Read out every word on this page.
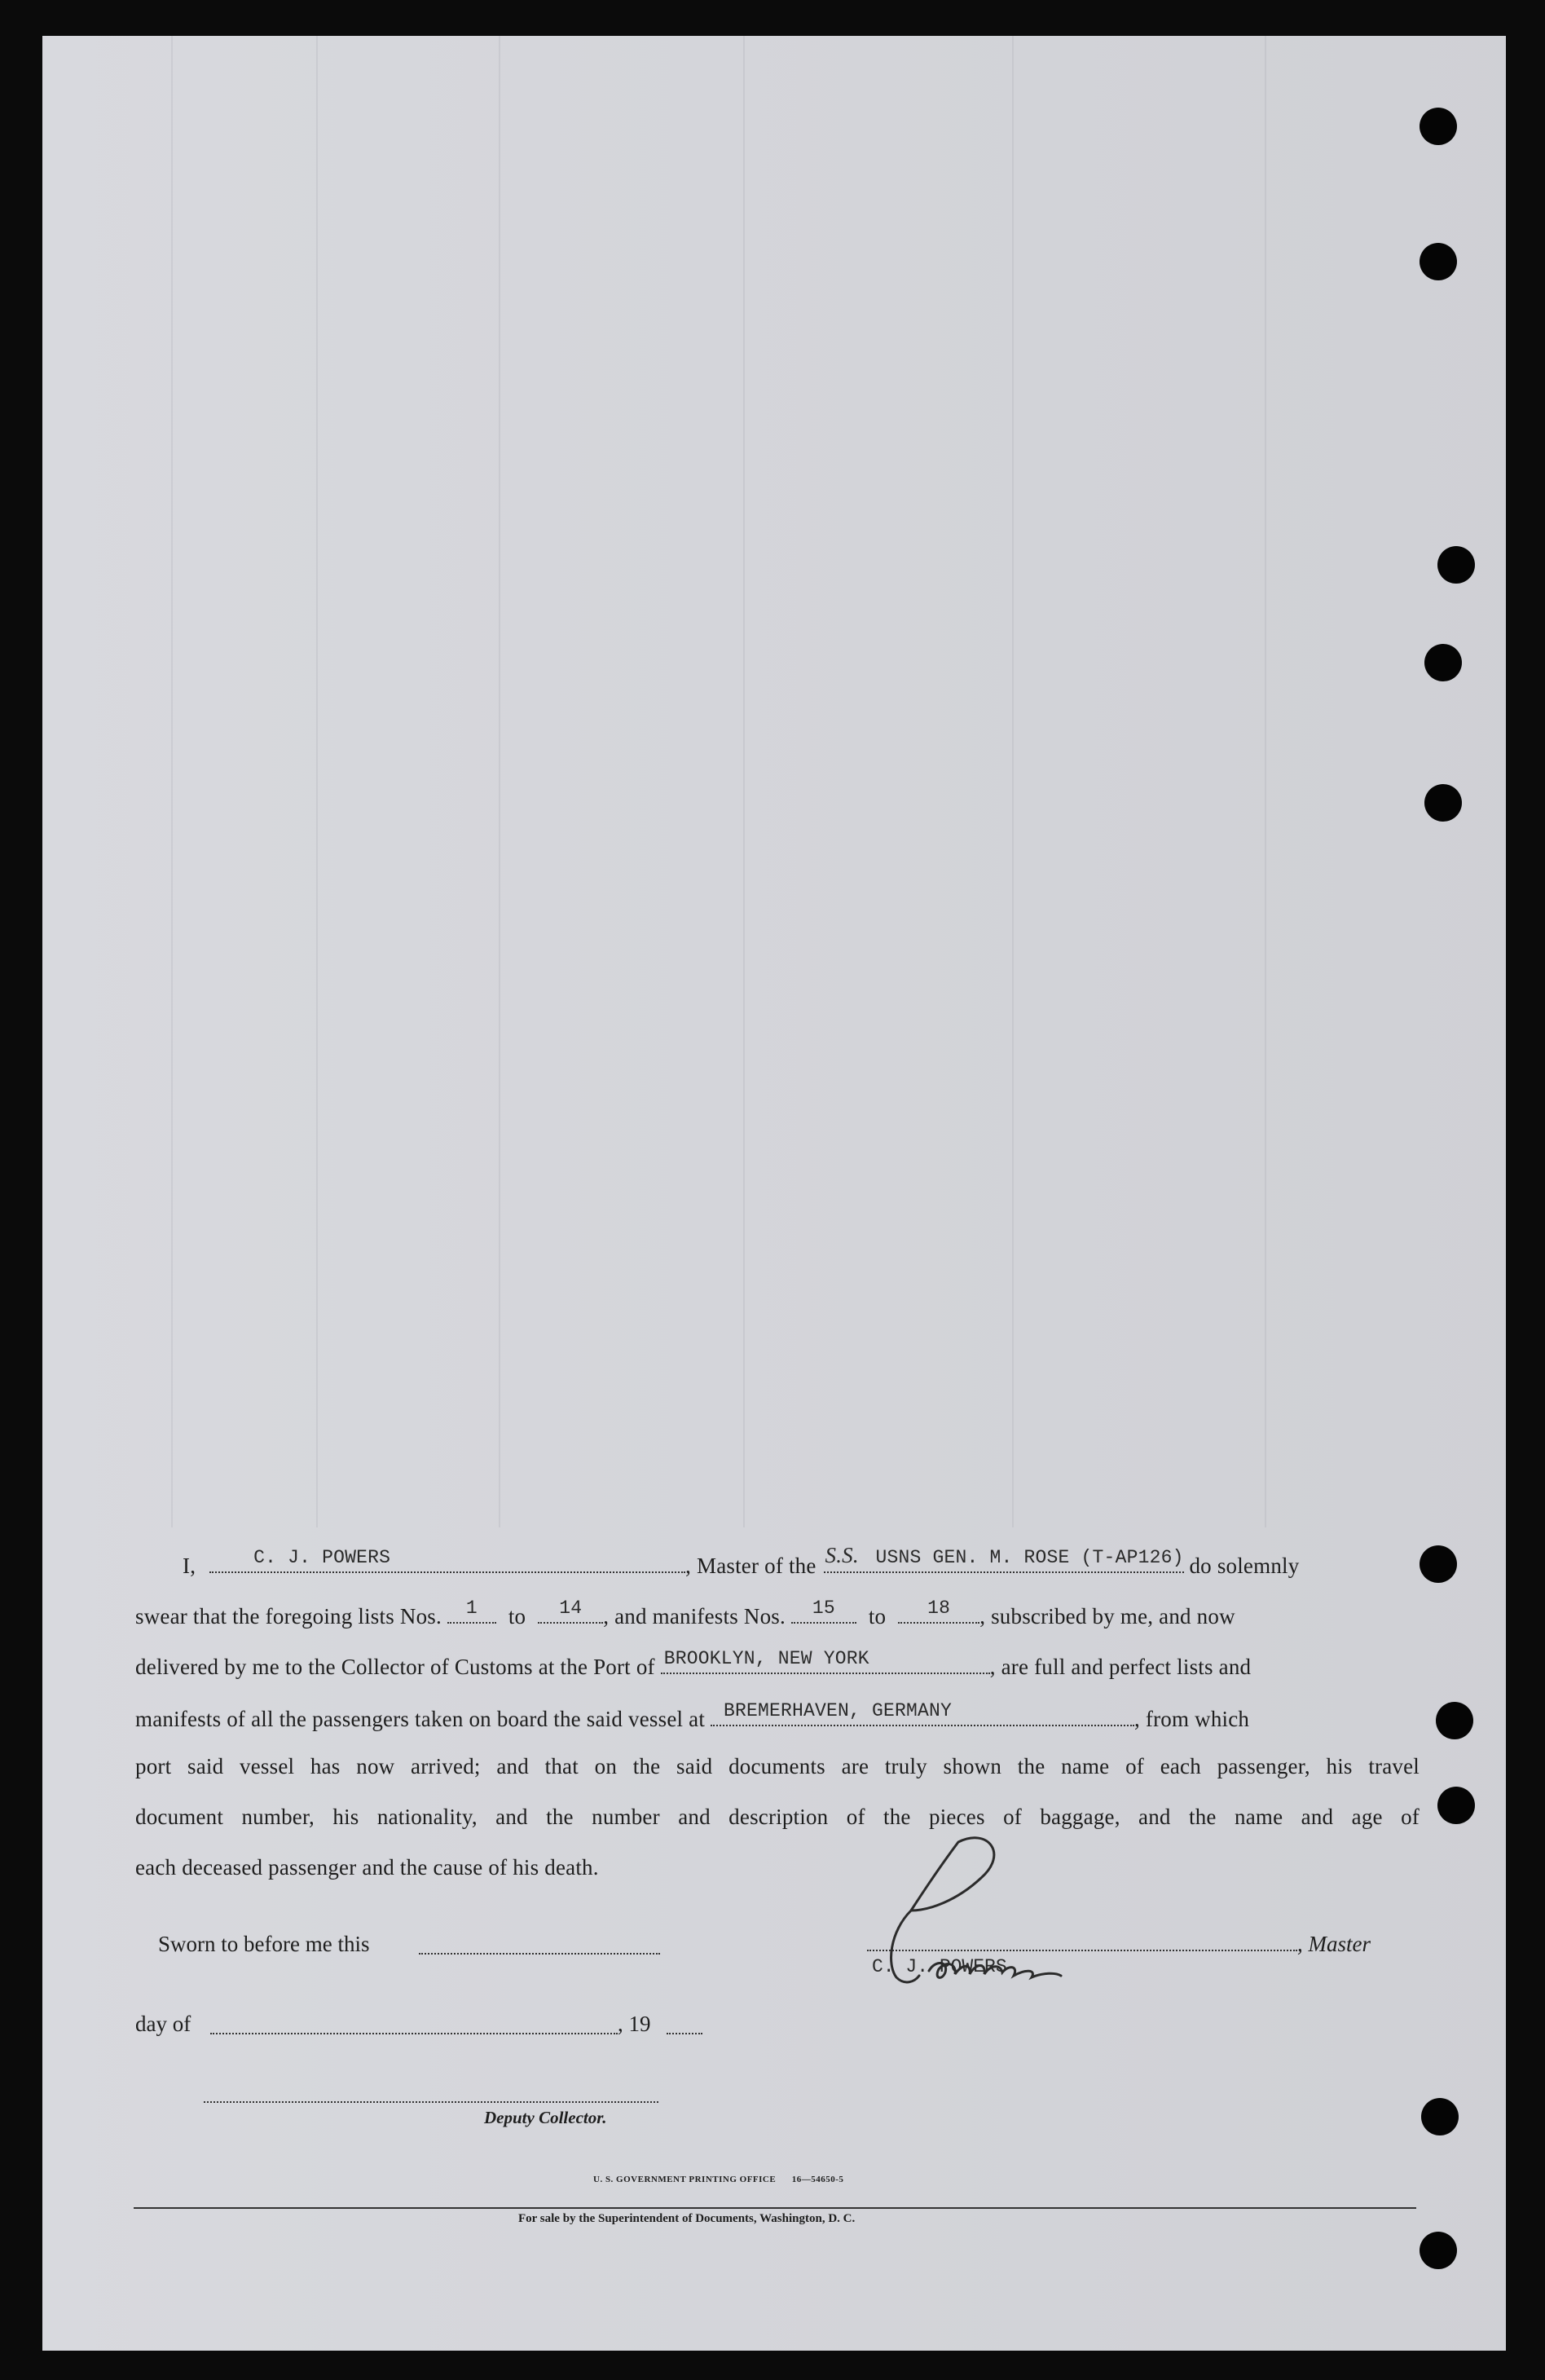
I,	C. J. POWERS	, Master of the S.S. USNS GEN. M. ROSE (T-AP126) do solemnly
swear that the foregoing lists Nos.	1	to	14 , and manifests Nos.	15	to	18	, subscribed by me, and now
delivered by me to the Collector of Customs at the Port of BROOKLYN, NEW YORK	, are full and perfect lists and
manifests of all the passengers taken on board the said vessel at BREMERHAVEN, GERMANY	, from which
port said vessel has now arrived; and that on the said documents are truly shown the name of each passenger, his travel
document number, his nationality, and the number and description of the pieces of baggage, and the name and age of
each deceased passenger and the cause of his death.
Sworn to before me this	, Master
C. J. POWERS
day of	, 19
Deputy Collector.
U. S. GOVERNMENT PRINTING OFFICE      16—54650-5
For sale by the Superintendent of Documents, Washington, D. C.
